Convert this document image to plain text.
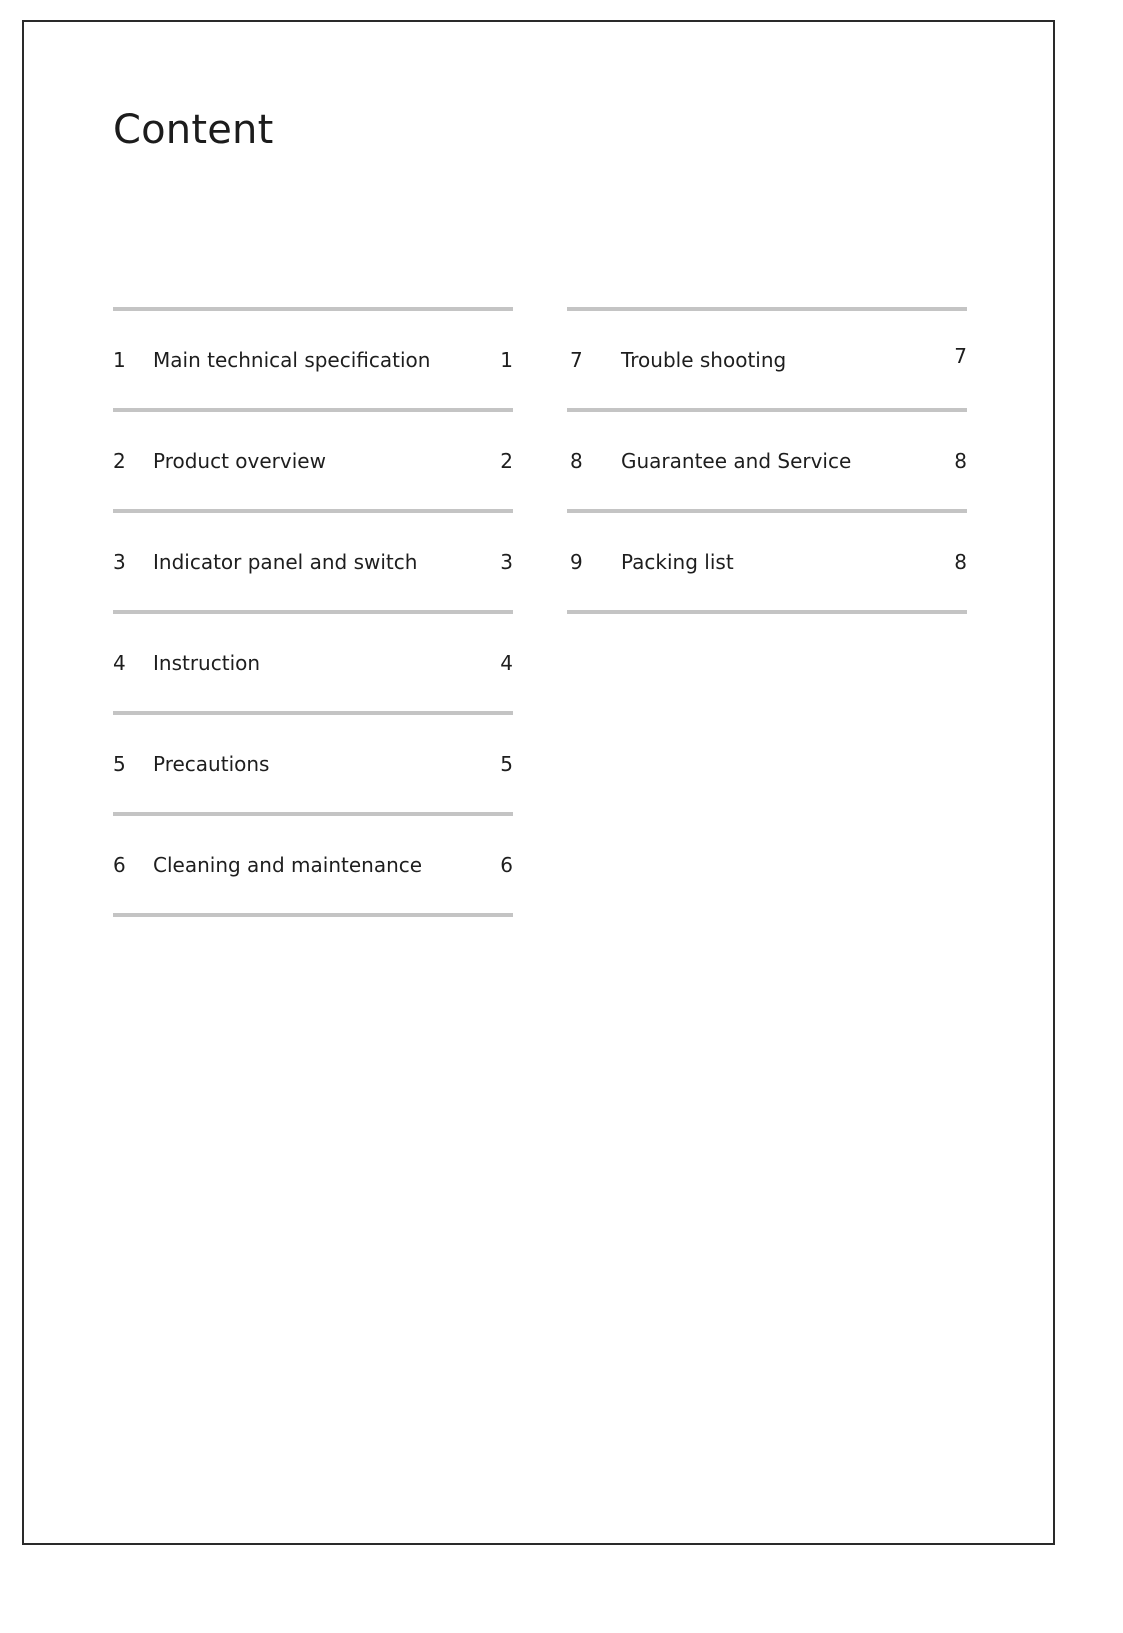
Content
1 Main technical specification	1
2 Product overview	2
3 Indicator panel and switch	3
4 Instruction	4
5 Precautions	5
6 Cleaning and maintenance	6
7 Trouble shooting	7
8 Guarantee and Service	8
9 Packing list	8
